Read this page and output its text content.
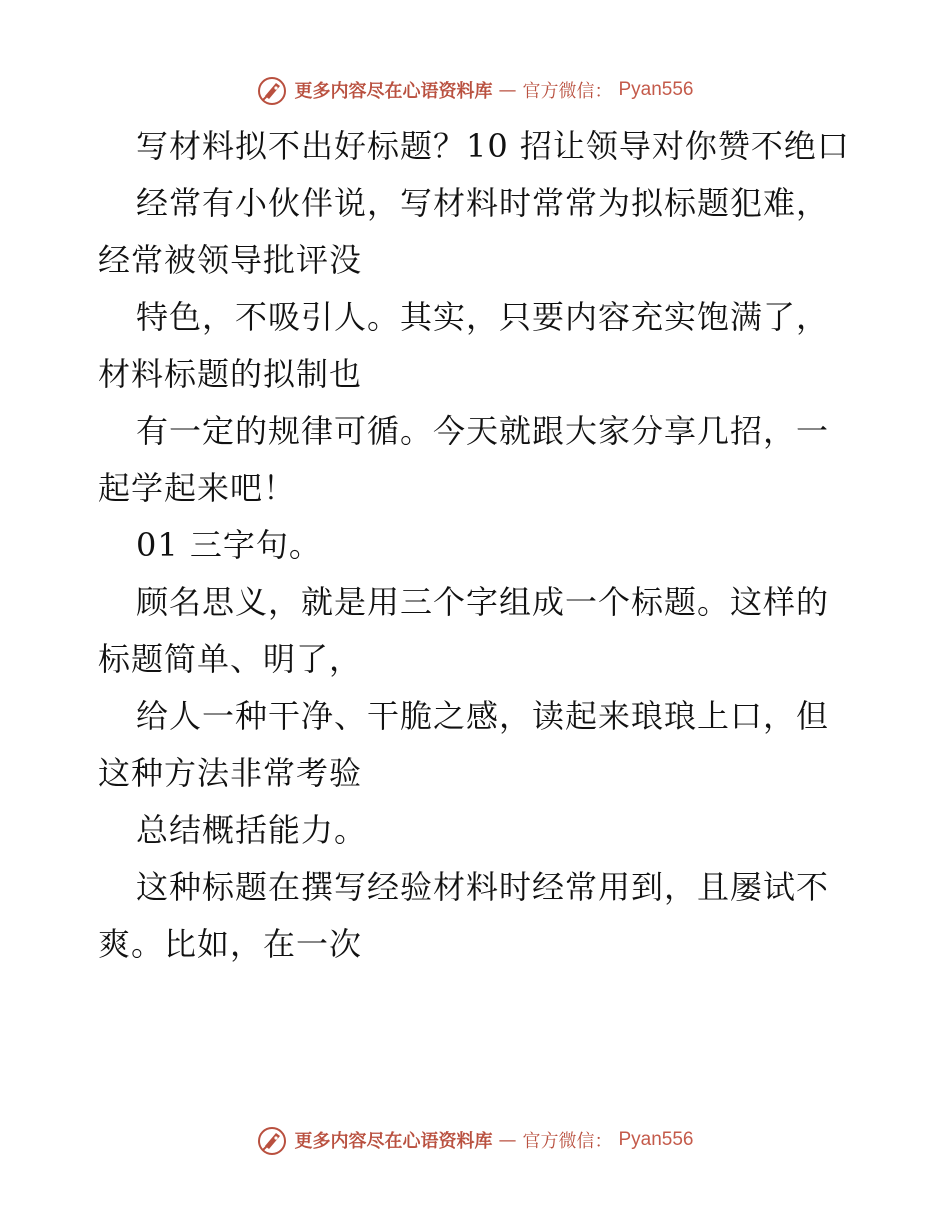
更多内容尽在心语资料库 — 官方微信： Pyan556

写材料拟不出好标题？10 招让领导对你赞不绝口

经常有小伙伴说，写材料时常常为拟标题犯难，经常被领导批评没

特色，不吸引人。其实，只要内容充实饱满了，材料标题的拟制也

有一定的规律可循。今天就跟大家分享几招，一起学起来吧！

01 三字句。

顾名思义，就是用三个字组成一个标题。这样的标题简单、明了，

给人一种干净、干脆之感，读起来琅琅上口，但这种方法非常考验

总结概括能力。

这种标题在撰写经验材料时经常用到，且屡试不爽。比如，在一次

更多内容尽在心语资料库 — 官方微信： Pyan556
